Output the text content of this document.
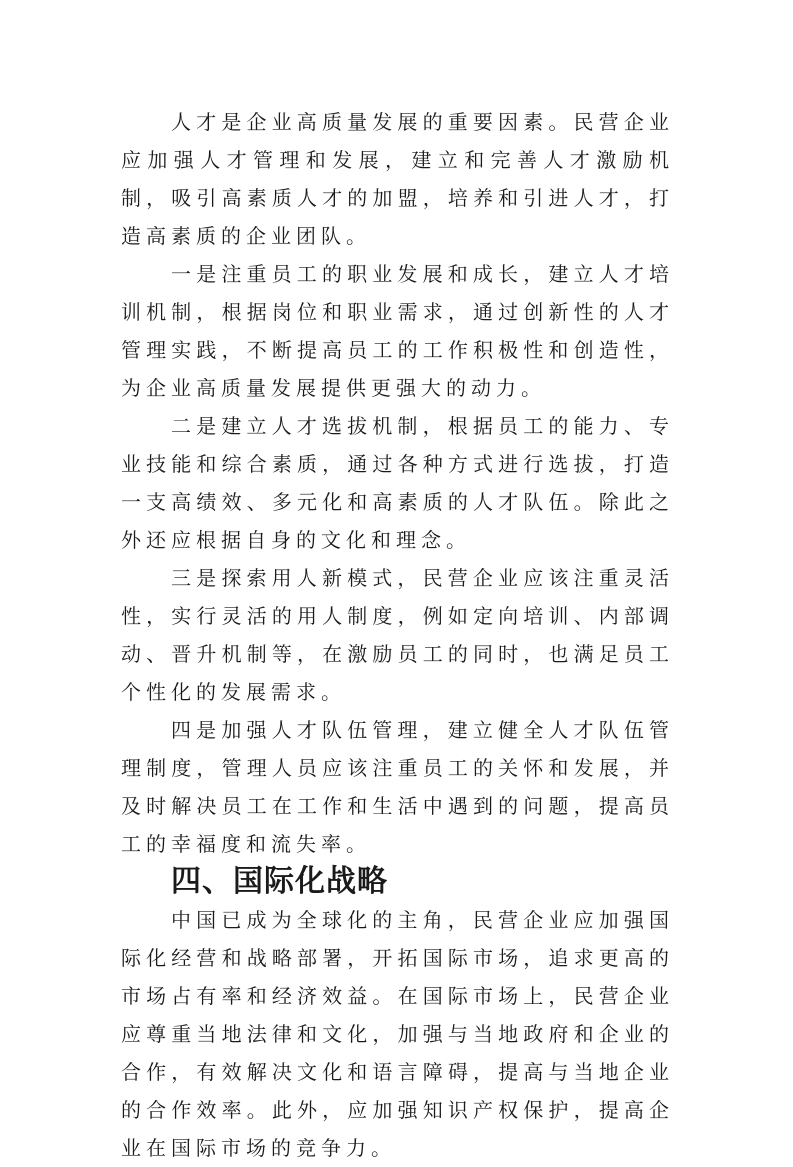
人才是企业高质量发展的重要因素。民营企业应加强人才管理和发展，建立和完善人才激励机制，吸引高素质人才的加盟，培养和引进人才，打造高素质的企业团队。

一是注重员工的职业发展和成长，建立人才培训机制，根据岗位和职业需求，通过创新性的人才管理实践，不断提高员工的工作积极性和创造性，为企业高质量发展提供更强大的动力。

二是建立人才选拔机制，根据员工的能力、专业技能和综合素质，通过各种方式进行选拔，打造一支高绩效、多元化和高素质的人才队伍。除此之外还应根据自身的文化和理念。

三是探索用人新模式，民营企业应该注重灵活性，实行灵活的用人制度，例如定向培训、内部调动、晋升机制等，在激励员工的同时，也满足员工个性化的发展需求。

四是加强人才队伍管理，建立健全人才队伍管理制度，管理人员应该注重员工的关怀和发展，并及时解决员工在工作和生活中遇到的问题，提高员工的幸福度和流失率。

四、国际化战略

中国已成为全球化的主角，民营企业应加强国际化经营和战略部署，开拓国际市场，追求更高的市场占有率和经济效益。在国际市场上，民营企业应尊重当地法律和文化，加强与当地政府和企业的合作，有效解决文化和语言障碍，提高与当地企业的合作效率。此外，应加强知识产权保护，提高企业在国际市场的竞争力。
